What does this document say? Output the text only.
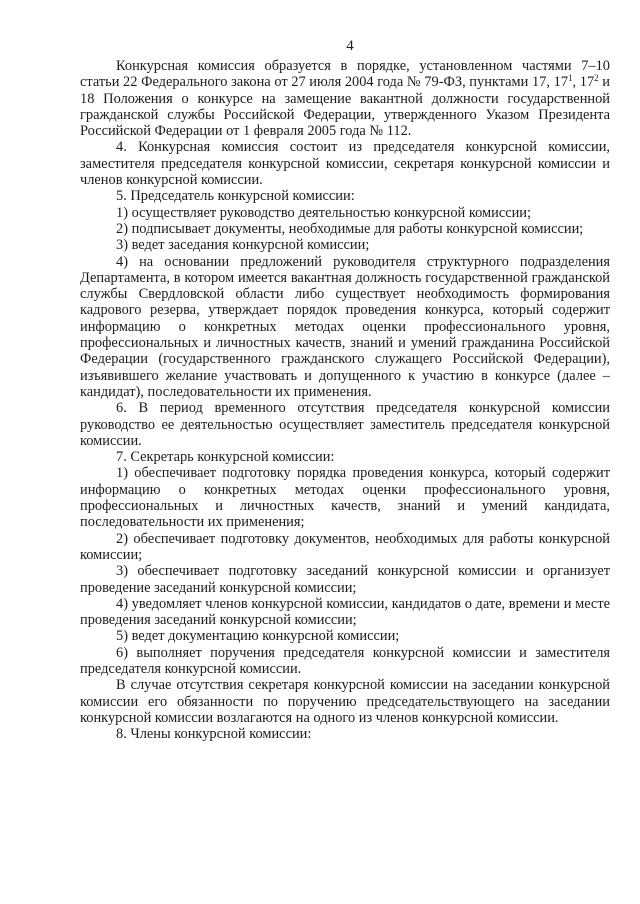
4

Конкурсная комиссия образуется в порядке, установленном частями 7–10 статьи 22 Федерального закона от 27 июля 2004 года № 79-ФЗ, пунктами 17, $17^1$, $17^2$ и 18 Положения о конкурсе на замещение вакантной должности государственной гражданской службы Российской Федерации, утвержденного Указом Президента Российской Федерации от 1 февраля 2005 года № 112.

4. Конкурсная комиссия состоит из председателя конкурсной комиссии, заместителя председателя конкурсной комиссии, секретаря конкурсной комиссии и членов конкурсной комиссии.

5. Председатель конкурсной комиссии:

1) осуществляет руководство деятельностью конкурсной комиссии;

2) подписывает документы, необходимые для работы конкурсной комиссии;

3) ведет заседания конкурсной комиссии;

4) на основании предложений руководителя структурного подразделения Департамента, в котором имеется вакантная должность государственной гражданской службы Свердловской области либо существует необходимость формирования кадрового резерва, утверждает порядок проведения конкурса, который содержит информацию о конкретных методах оценки профессионального уровня, профессиональных и личностных качеств, знаний и умений гражданина Российской Федерации (государственного гражданского служащего Российской Федерации), изъявившего желание участвовать и допущенного к участию в конкурсе (далее – кандидат), последовательности их применения.

6. В период временного отсутствия председателя конкурсной комиссии руководство ее деятельностью осуществляет заместитель председателя конкурсной комиссии.

7. Секретарь конкурсной комиссии:

1) обеспечивает подготовку порядка проведения конкурса, который содержит информацию о конкретных методах оценки профессионального уровня, профессиональных и личностных качеств, знаний и умений кандидата, последовательности их применения;

2) обеспечивает подготовку документов, необходимых для работы конкурсной комиссии;

3) обеспечивает подготовку заседаний конкурсной комиссии и организует проведение заседаний конкурсной комиссии;

4) уведомляет членов конкурсной комиссии, кандидатов о дате, времени и месте проведения заседаний конкурсной комиссии;

5) ведет документацию конкурсной комиссии;

6) выполняет поручения председателя конкурсной комиссии и заместителя председателя конкурсной комиссии.

В случае отсутствия секретаря конкурсной комиссии на заседании конкурсной комиссии его обязанности по поручению председательствующего на заседании конкурсной комиссии возлагаются на одного из членов конкурсной комиссии.

8. Члены конкурсной комиссии:
